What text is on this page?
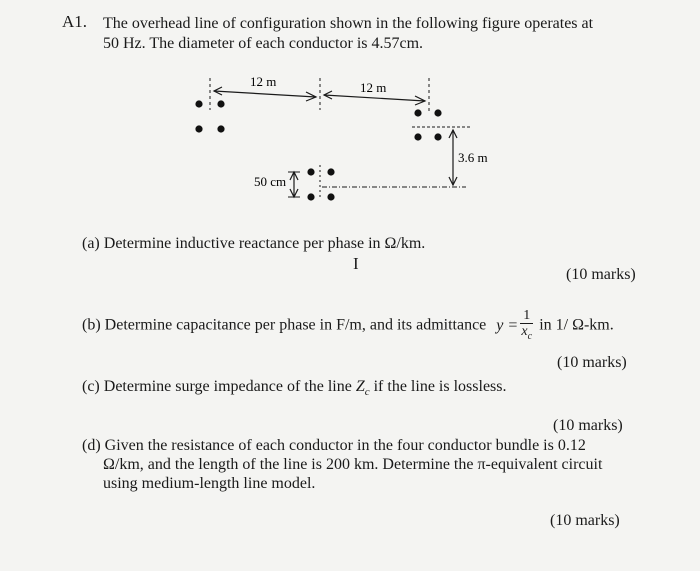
A1. The overhead line of configuration shown in the following figure operates at
50 Hz. The diameter of each conductor is 4.57cm.
12 m	12 m
3.6 m
50 cm
(a) Determine inductive reactance per phase in Ω/km.
I
(10 marks)
(b) Determine capacitance per phase in F/m, and its admittance $y = \frac{1}{x_c}$ in 1/ Ω-km.
(10 marks)
(c) Determine surge impedance of the line $Z_c$ if the line is lossless.
(10 marks)
(d) Given the resistance of each conductor in the four conductor bundle is 0.12
Ω/km, and the length of the line is 200 km. Determine the π-equivalent circuit
using medium-length line model.
(10 marks)
